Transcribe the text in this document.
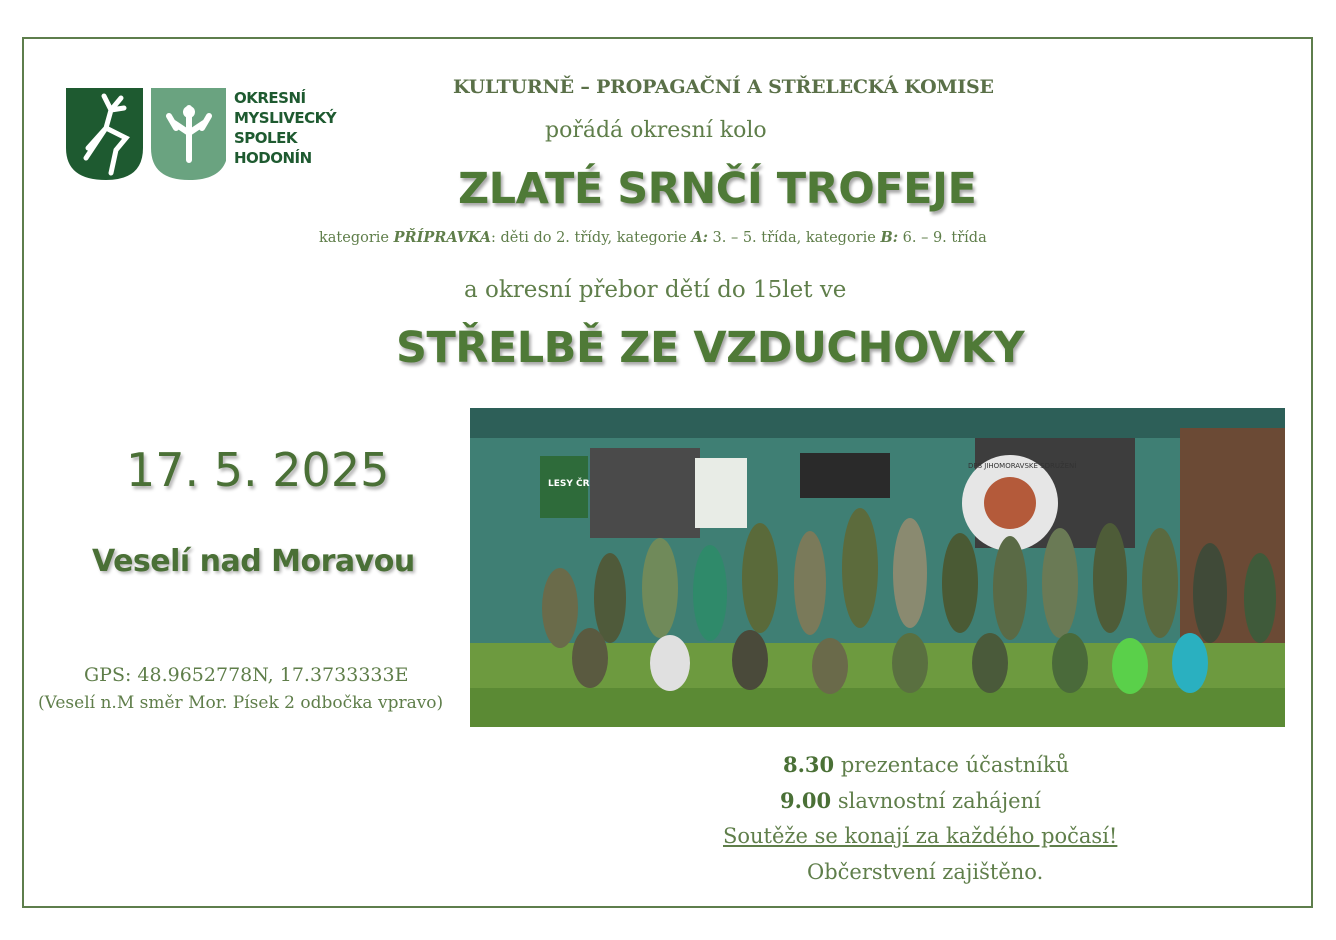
OKRESNÍ
MYSLIVECKÝ SPOLEK
HODONÍN
KULTURNĚ – PROPAGAČNÍ A STŘELECKÁ KOMISE
pořádá okresní kolo
ZLATÉ SRNČÍ TROFEJE
kategorie PŘÍPRAVKA: děti do 2. třídy, kategorie A: 3. – 5. třída, kategorie B: 6. – 9. třída
a okresní přebor dětí do 15let ve
STŘELBĚ ZE VZDUCHOVKY
17. 5. 2025
Veselí nad Moravou
GPS: 48.9652778N, 17.3733333E
(Veselí n.M směr Mor. Písek 2 odbočka vpravo)
LESY ČR
DPS JIHOMORAVSKÉ SDRUŽENÍ
8.30 prezentace účastníků
9.00 slavnostní zahájení
Soutěže se konají za každého počasí!
Občerstvení zajištěno.
